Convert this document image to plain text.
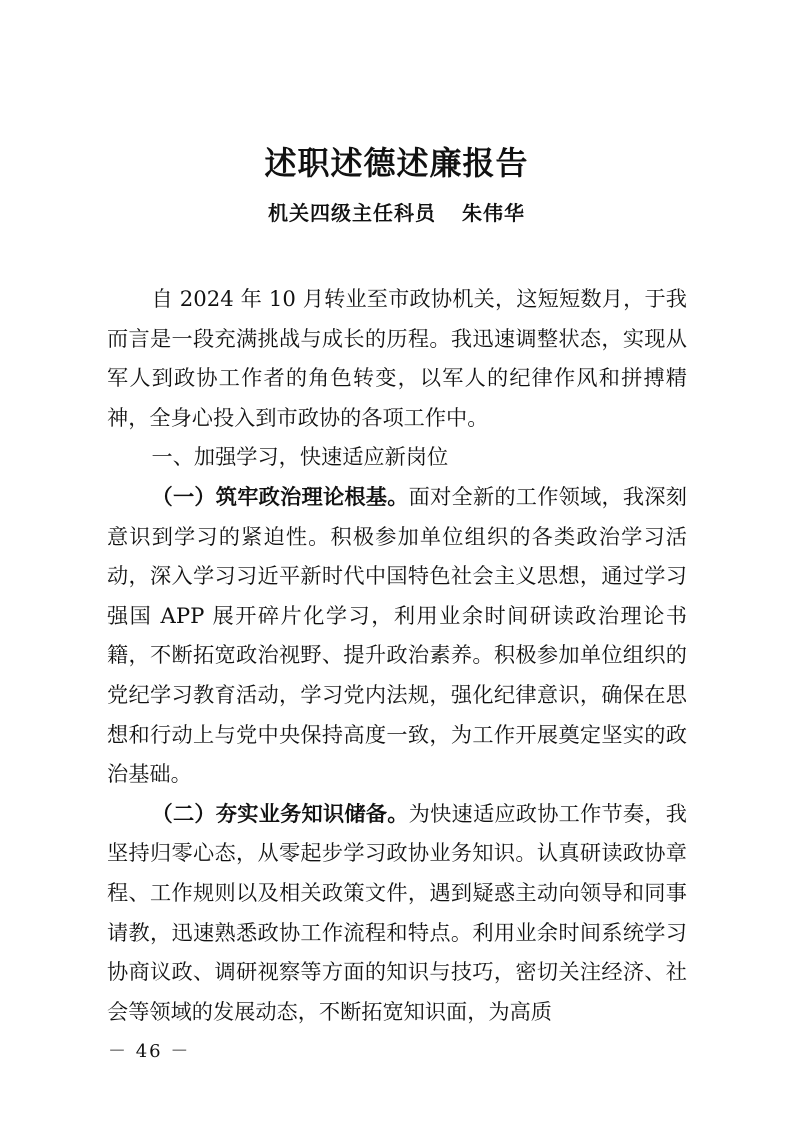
述职述德述廉报告
机关四级主任科员 朱伟华

自 2024 年 10 月转业至市政协机关，这短短数月，于我而言是一段充满挑战与成长的历程。我迅速调整状态，实现从军人到政协工作者的角色转变，以军人的纪律作风和拼搏精神，全身心投入到市政协的各项工作中。

一、加强学习，快速适应新岗位

（一）筑牢政治理论根基。面对全新的工作领域，我深刻意识到学习的紧迫性。积极参加单位组织的各类政治学习活动，深入学习习近平新时代中国特色社会主义思想，通过学习强国 APP 展开碎片化学习，利用业余时间研读政治理论书籍，不断拓宽政治视野、提升政治素养。积极参加单位组织的党纪学习教育活动，学习党内法规，强化纪律意识，确保在思想和行动上与党中央保持高度一致，为工作开展奠定坚实的政治基础。

（二）夯实业务知识储备。为快速适应政协工作节奏，我坚持归零心态，从零起步学习政协业务知识。认真研读政协章程、工作规则以及相关政策文件，遇到疑惑主动向领导和同事请教，迅速熟悉政协工作流程和特点。利用业余时间系统学习协商议政、调研视察等方面的知识与技巧，密切关注经济、社会等领域的发展动态，不断拓宽知识面，为高质

－ 46 －
